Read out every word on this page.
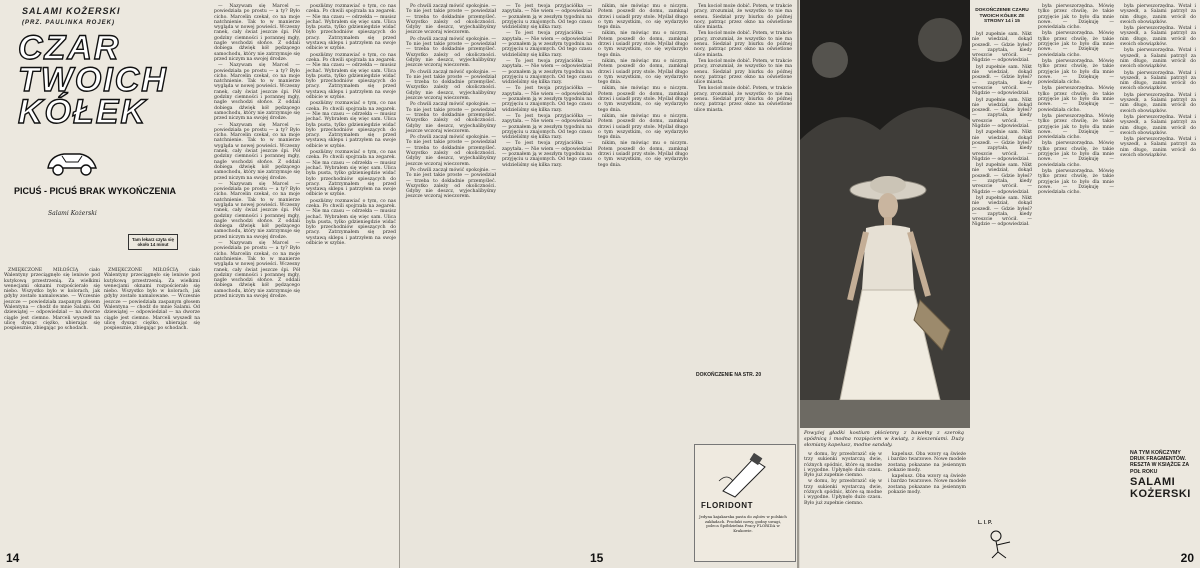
SALAMI KOŻERSKI
(PRZ. PAULINKA ROJEK)
CZAR
TWOICH
KÓŁEK
PICUŚ - PICUŚ BRAK WYKOŃCZENIA
Salami Kożerski
Tam lekarz czyta się około 14 minut

ZMIĘKCZONE MIŁOŚCIĄ ciało Walentyny przeciągnęło się leniwie pod kutykową przestrzenią. Za wielkimi wenecjami oknami rozpościerało się niebo. Wszystko było w kolorach, jak gdyby zostało namalowane. — Wczesnie jeszcze — powiedziała zaspanym głosem Walentyna — chodź do mnie Salami. Od dziewiątej — odpowiedział — na dworze ciągle jest ciemno. Marceli wyszedł na ulicę dysząc ciężko, ubierając się pospiesznie, zbiegając po schodach.

ZMIĘKCZONE MIŁOŚCIĄ ciało Walentyny przeciągnęło się leniwie pod kutykową przestrzenią. Za wielkimi wenecjami oknami rozpościerało się niebo. Wszystko było w kolorach, jak gdyby zostało namalowane. — Wczesnie jeszcze — powiedziała zaspanym głosem Walentyna — chodź do mnie Salami. Od dziewiątej — odpowiedział — na dworze ciągle jest ciemno. Marceli wyszedł na ulicę dysząc ciężko, ubierając się pospiesznie, zbiegając po schodach.

— Nazywam się Marcel — powiedziała po prostu — a ty? Było cicho. Marcelin czekał, co na moje natchnienie. Tak to w manierze wygląda w nowej powieści. Wczesny ranek, cały świat jeszcze śpi. Pół godziny ciemności i porannej mgły, nagle wschodzi słońce. Z oddali dobiega dźwięk kół pędzącego samochodu, który nie zatrzymuje się przed niczym na swojej drodze.

— Nazywam się Marcel — powiedziała po prostu — a ty? Było cicho. Marcelin czekał, co na moje natchnienie. Tak to w manierze wygląda w nowej powieści. Wczesny ranek, cały świat jeszcze śpi. Pół godziny ciemności i porannej mgły, nagle wschodzi słońce. Z oddali dobiega dźwięk kół pędzącego samochodu, który nie zatrzymuje się przed niczym na swojej drodze.

— Nazywam się Marcel — powiedziała po prostu — a ty? Było cicho. Marcelin czekał, co na moje natchnienie. Tak to w manierze wygląda w nowej powieści. Wczesny ranek, cały świat jeszcze śpi. Pół godziny ciemności i porannej mgły, nagle wschodzi słońce. Z oddali dobiega dźwięk kół pędzącego samochodu, który nie zatrzymuje się przed niczym na swojej drodze.

— Nazywam się Marcel — powiedziała po prostu — a ty? Było cicho. Marcelin czekał, co na moje natchnienie. Tak to w manierze wygląda w nowej powieści. Wczesny ranek, cały świat jeszcze śpi. Pół godziny ciemności i porannej mgły, nagle wschodzi słońce. Z oddali dobiega dźwięk kół pędzącego samochodu, który nie zatrzymuje się przed niczym na swojej drodze.

— Nazywam się Marcel — powiedziała po prostu — a ty? Było cicho. Marcelin czekał, co na moje natchnienie. Tak to w manierze wygląda w nowej powieści. Wczesny ranek, cały świat jeszcze śpi. Pół godziny ciemności i porannej mgły, nagle wschodzi słońce. Z oddali dobiega dźwięk kół pędzącego samochodu, który nie zatrzymuje się przed niczym na swojej drodze.

poszliśmy rozmawiać o tym, co nas czeka. Po chwili spojrzała na zegarek. — Nie ma czasu — odrzekła — musisz jechać. Wybrałem się więc sam. Ulica była pusta, tylko gdzieniegdzie widać było przechodniów spieszących do pracy. Zatrzymałem się przed wystawą sklepu i patrzyłem na swoje odbicie w szybie.

poszliśmy rozmawiać o tym, co nas czeka. Po chwili spojrzała na zegarek. — Nie ma czasu — odrzekła — musisz jechać. Wybrałem się więc sam. Ulica była pusta, tylko gdzieniegdzie widać było przechodniów spieszących do pracy. Zatrzymałem się przed wystawą sklepu i patrzyłem na swoje odbicie w szybie.

poszliśmy rozmawiać o tym, co nas czeka. Po chwili spojrzała na zegarek. — Nie ma czasu — odrzekła — musisz jechać. Wybrałem się więc sam. Ulica była pusta, tylko gdzieniegdzie widać było przechodniów spieszących do pracy. Zatrzymałem się przed wystawą sklepu i patrzyłem na swoje odbicie w szybie.

poszliśmy rozmawiać o tym, co nas czeka. Po chwili spojrzała na zegarek. — Nie ma czasu — odrzekła — musisz jechać. Wybrałem się więc sam. Ulica była pusta, tylko gdzieniegdzie widać było przechodniów spieszących do pracy. Zatrzymałem się przed wystawą sklepu i patrzyłem na swoje odbicie w szybie.

poszliśmy rozmawiać o tym, co nas czeka. Po chwili spojrzała na zegarek. — Nie ma czasu — odrzekła — musisz jechać. Wybrałem się więc sam. Ulica była pusta, tylko gdzieniegdzie widać było przechodniów spieszących do pracy. Zatrzymałem się przed wystawą sklepu i patrzyłem na swoje odbicie w szybie.

14

Po chwili zaczął mówić spokojnie. — To nie jest takie proste — powiedział — trzeba to dokładnie przemyśleć. Wszystko zależy od okoliczności. Gdyby nie deszcz, wyjechalibyśmy jeszcze wczoraj wieczorem.

Po chwili zaczął mówić spokojnie. — To nie jest takie proste — powiedział — trzeba to dokładnie przemyśleć. Wszystko zależy od okoliczności. Gdyby nie deszcz, wyjechalibyśmy jeszcze wczoraj wieczorem.

Po chwili zaczął mówić spokojnie. — To nie jest takie proste — powiedział — trzeba to dokładnie przemyśleć. Wszystko zależy od okoliczności. Gdyby nie deszcz, wyjechalibyśmy jeszcze wczoraj wieczorem.

Po chwili zaczął mówić spokojnie. — To nie jest takie proste — powiedział — trzeba to dokładnie przemyśleć. Wszystko zależy od okoliczności. Gdyby nie deszcz, wyjechalibyśmy jeszcze wczoraj wieczorem.

Po chwili zaczął mówić spokojnie. — To nie jest takie proste — powiedział — trzeba to dokładnie przemyśleć. Wszystko zależy od okoliczności. Gdyby nie deszcz, wyjechalibyśmy jeszcze wczoraj wieczorem.

Po chwili zaczął mówić spokojnie. — To nie jest takie proste — powiedział — trzeba to dokładnie przemyśleć. Wszystko zależy od okoliczności. Gdyby nie deszcz, wyjechalibyśmy jeszcze wczoraj wieczorem.

— To jest twoja przyjaciółka — zapytała. — Nie wiem — odpowiedział — poznałem ją w zeszłym tygodniu na przyjęciu u znajomych. Od tego czasu widzieliśmy się kilka razy.

— To jest twoja przyjaciółka — zapytała. — Nie wiem — odpowiedział — poznałem ją w zeszłym tygodniu na przyjęciu u znajomych. Od tego czasu widzieliśmy się kilka razy.

— To jest twoja przyjaciółka — zapytała. — Nie wiem — odpowiedział — poznałem ją w zeszłym tygodniu na przyjęciu u znajomych. Od tego czasu widzieliśmy się kilka razy.

— To jest twoja przyjaciółka — zapytała. — Nie wiem — odpowiedział — poznałem ją w zeszłym tygodniu na przyjęciu u znajomych. Od tego czasu widzieliśmy się kilka razy.

— To jest twoja przyjaciółka — zapytała. — Nie wiem — odpowiedział — poznałem ją w zeszłym tygodniu na przyjęciu u znajomych. Od tego czasu widzieliśmy się kilka razy.

— To jest twoja przyjaciółka — zapytała. — Nie wiem — odpowiedział — poznałem ją w zeszłym tygodniu na przyjęciu u znajomych. Od tego czasu widzieliśmy się kilka razy.

nikim, nie mówiąc mu o niczym. Potem poszedł do domu, zamknął drzwi i usiadł przy stole. Myślał długo o tym wszystkim, co się wydarzyło tego dnia.

nikim, nie mówiąc mu o niczym. Potem poszedł do domu, zamknął drzwi i usiadł przy stole. Myślał długo o tym wszystkim, co się wydarzyło tego dnia.

nikim, nie mówiąc mu o niczym. Potem poszedł do domu, zamknął drzwi i usiadł przy stole. Myślał długo o tym wszystkim, co się wydarzyło tego dnia.

nikim, nie mówiąc mu o niczym. Potem poszedł do domu, zamknął drzwi i usiadł przy stole. Myślał długo o tym wszystkim, co się wydarzyło tego dnia.

nikim, nie mówiąc mu o niczym. Potem poszedł do domu, zamknął drzwi i usiadł przy stole. Myślał długo o tym wszystkim, co się wydarzyło tego dnia.

nikim, nie mówiąc mu o niczym. Potem poszedł do domu, zamknął drzwi i usiadł przy stole. Myślał długo o tym wszystkim, co się wydarzyło tego dnia.

Ten kocioł może dobić. Potem, w trakcie pracy, zrozumiał, że wszystko to nie ma sensu. Siedział przy biurku do późnej nocy, patrząc przez okno na oświetlone ulice miasta.

Ten kocioł może dobić. Potem, w trakcie pracy, zrozumiał, że wszystko to nie ma sensu. Siedział przy biurku do późnej nocy, patrząc przez okno na oświetlone ulice miasta.

Ten kocioł może dobić. Potem, w trakcie pracy, zrozumiał, że wszystko to nie ma sensu. Siedział przy biurku do późnej nocy, patrząc przez okno na oświetlone ulice miasta.

Ten kocioł może dobić. Potem, w trakcie pracy, zrozumiał, że wszystko to nie ma sensu. Siedział przy biurku do późnej nocy, patrząc przez okno na oświetlone ulice miasta.

DOKOŃCZENIE NA STR. 20
15
DOKOŃCZENIE CZARU TWOICH KÓŁEK ZE STRONY 14 i 15

był zupełnie sam. Nikt nie wiedział, dokąd poszedł. — Gdzie byłeś? — zapytała, kiedy wreszcie wrócił. — Nigdzie — odpowiedział.

był zupełnie sam. Nikt nie wiedział, dokąd poszedł. — Gdzie byłeś? — zapytała, kiedy wreszcie wrócił. — Nigdzie — odpowiedział.

był zupełnie sam. Nikt nie wiedział, dokąd poszedł. — Gdzie byłeś? — zapytała, kiedy wreszcie wrócił. — Nigdzie — odpowiedział.

był zupełnie sam. Nikt nie wiedział, dokąd poszedł. — Gdzie byłeś? — zapytała, kiedy wreszcie wrócił. — Nigdzie — odpowiedział.

był zupełnie sam. Nikt nie wiedział, dokąd poszedł. — Gdzie byłeś? — zapytała, kiedy wreszcie wrócił. — Nigdzie — odpowiedział.

był zupełnie sam. Nikt nie wiedział, dokąd poszedł. — Gdzie byłeś? — zapytała, kiedy wreszcie wrócił. — Nigdzie — odpowiedział.

była pierwszorzędna. Mówię tylko przez chwilę, że takie przyjęcie jak to było dla mnie nowe. — Dziękuję — powiedziała cicho.

była pierwszorzędna. Mówię tylko przez chwilę, że takie przyjęcie jak to było dla mnie nowe. — Dziękuję — powiedziała cicho.

była pierwszorzędna. Mówię tylko przez chwilę, że takie przyjęcie jak to było dla mnie nowe. — Dziękuję — powiedziała cicho.

była pierwszorzędna. Mówię tylko przez chwilę, że takie przyjęcie jak to było dla mnie nowe. — Dziękuję — powiedziała cicho.

była pierwszorzędna. Mówię tylko przez chwilę, że takie przyjęcie jak to było dla mnie nowe. — Dziękuję — powiedziała cicho.

była pierwszorzędna. Mówię tylko przez chwilę, że takie przyjęcie jak to było dla mnie nowe. — Dziękuję — powiedziała cicho.

była pierwszorzędna. Mówię tylko przez chwilę, że takie przyjęcie jak to było dla mnie nowe. — Dziękuję — powiedziała cicho.

była pierwszorzędna. Wstał i wyszedł, a Salami patrzył za nim długo, zanim wrócił do swoich obowiązków.

była pierwszorzędna. Wstał i wyszedł, a Salami patrzył za nim długo, zanim wrócił do swoich obowiązków.

była pierwszorzędna. Wstał i wyszedł, a Salami patrzył za nim długo, zanim wrócił do swoich obowiązków.

była pierwszorzędna. Wstał i wyszedł, a Salami patrzył za nim długo, zanim wrócił do swoich obowiązków.

była pierwszorzędna. Wstał i wyszedł, a Salami patrzył za nim długo, zanim wrócił do swoich obowiązków.

była pierwszorzędna. Wstał i wyszedł, a Salami patrzył za nim długo, zanim wrócił do swoich obowiązków.

była pierwszorzędna. Wstał i wyszedł, a Salami patrzył za nim długo, zanim wrócił do swoich obowiązków.

Powyżej gładki kostium płócienny z bawełny z szeroką spódnicą i modna rozpięciem w kwiaty, z kieszeniami. Duży słomiany kapelusz, modne sandały.

w domu, by przeobrazić się w trzy sukienki wystarczą dwie, różnych spódnic, które są modne i wygodne. Upłynęło dużo czasu. Było już zupełnie ciemno.

w domu, by przeobrazić się w trzy sukienki wystarczą dwie, różnych spódnic, które są modne i wygodne. Upłynęło dużo czasu. Było już zupełnie ciemno.

kapelusz. Oba wzory są świeże i bardzo twarzowe. Nowe modele zostaną pokazane na jesiennym pokazie mody.

kapelusz. Oba wzory są świeże i bardzo twarzowe. Nowe modele zostaną pokazane na jesiennym pokazie mody.

L. I. P.
NA TYM KOŃCZYMY DRUK FRAGMENTÓW. RESZTA W KSIĄŻCE ZA POŁ ROKU
SALAMI KOŻERSKI
20
FLORIDONT
Jedyna kajakarska pasta do zębów w polskich zakładach. Produkt nowy, godny uwagi, poleca Spółdzielnia Pracy FLORIDA w Krakowie.
